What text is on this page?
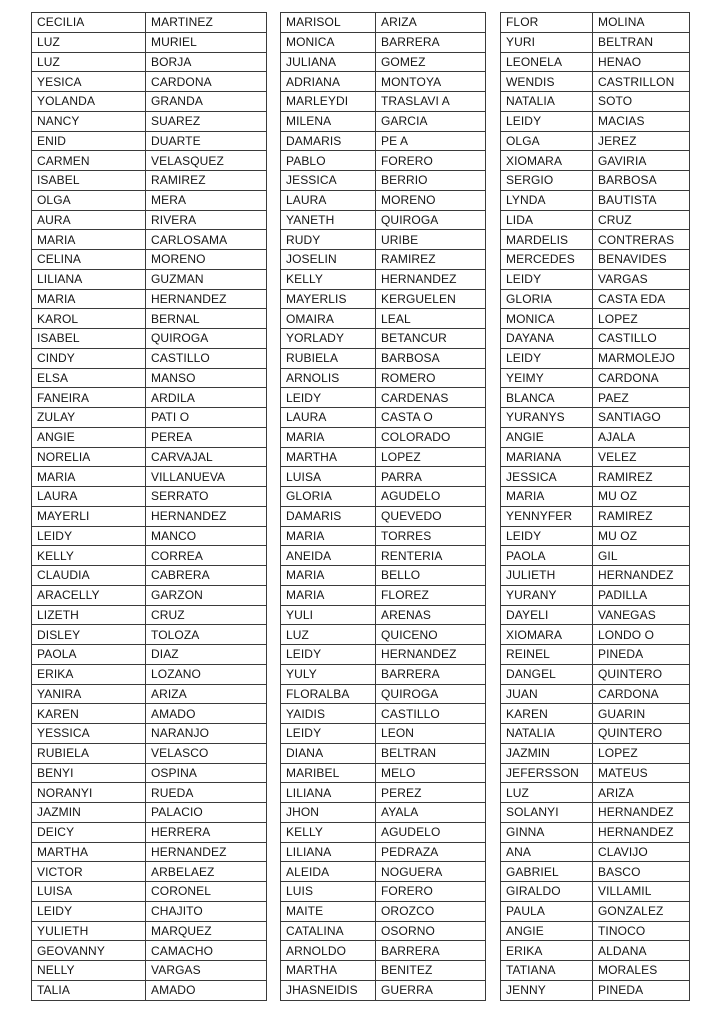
CECILIA	MARTINEZ
LUZ	MURIEL
LUZ	BORJA
YESICA	CARDONA
YOLANDA	GRANDA
NANCY	SUAREZ
ENID	DUARTE
CARMEN	VELASQUEZ
ISABEL	RAMIREZ
OLGA	MERA
AURA	RIVERA
MARIA	CARLOSAMA
CELINA	MORENO
LILIANA	GUZMAN
MARIA	HERNANDEZ
KAROL	BERNAL
ISABEL	QUIROGA
CINDY	CASTILLO
ELSA	MANSO
FANEIRA	ARDILA
ZULAY	PATI O
ANGIE	PEREA
NORELIA	CARVAJAL
MARIA	VILLANUEVA
LAURA	SERRATO
MAYERLI	HERNANDEZ
LEIDY	MANCO
KELLY	CORREA
CLAUDIA	CABRERA
ARACELLY	GARZON
LIZETH	CRUZ
DISLEY	TOLOZA
PAOLA	DIAZ
ERIKA	LOZANO
YANIRA	ARIZA
KAREN	AMADO
YESSICA	NARANJO
RUBIELA	VELASCO
BENYI	OSPINA
NORANYI	RUEDA
JAZMIN	PALACIO
DEICY	HERRERA
MARTHA	HERNANDEZ
VICTOR	ARBELAEZ
LUISA	CORONEL
LEIDY	CHAJITO
YULIETH	MARQUEZ
GEOVANNY	CAMACHO
NELLY	VARGAS
TALIA	AMADO
MARISOL	ARIZA
MONICA	BARRERA
JULIANA	GOMEZ
ADRIANA	MONTOYA
MARLEYDI	TRASLAVI A
MILENA	GARCIA
DAMARIS	PE A
PABLO	FORERO
JESSICA	BERRIO
LAURA	MORENO
YANETH	QUIROGA
RUDY	URIBE
JOSELIN	RAMIREZ
KELLY	HERNANDEZ
MAYERLIS	KERGUELEN
OMAIRA	LEAL
YORLADY	BETANCUR
RUBIELA	BARBOSA
ARNOLIS	ROMERO
LEIDY	CARDENAS
LAURA	CASTA O
MARIA	COLORADO
MARTHA	LOPEZ
LUISA	PARRA
GLORIA	AGUDELO
DAMARIS	QUEVEDO
MARIA	TORRES
ANEIDA	RENTERIA
MARIA	BELLO
MARIA	FLOREZ
YULI	ARENAS
LUZ	QUICENO
LEIDY	HERNANDEZ
YULY	BARRERA
FLORALBA	QUIROGA
YAIDIS	CASTILLO
LEIDY	LEON
DIANA	BELTRAN
MARIBEL	MELO
LILIANA	PEREZ
JHON	AYALA
KELLY	AGUDELO
LILIANA	PEDRAZA
ALEIDA	NOGUERA
LUIS	FORERO
MAITE	OROZCO
CATALINA	OSORNO
ARNOLDO	BARRERA
MARTHA	BENITEZ
JHASNEIDIS	GUERRA
FLOR	MOLINA
YURI	BELTRAN
LEONELA	HENAO
WENDIS	CASTRILLON
NATALIA	SOTO
LEIDY	MACIAS
OLGA	JEREZ
XIOMARA	GAVIRIA
SERGIO	BARBOSA
LYNDA	BAUTISTA
LIDA	CRUZ
MARDELIS	CONTRERAS
MERCEDES	BENAVIDES
LEIDY	VARGAS
GLORIA	CASTA EDA
MONICA	LOPEZ
DAYANA	CASTILLO
LEIDY	MARMOLEJO
YEIMY	CARDONA
BLANCA	PAEZ
YURANYS	SANTIAGO
ANGIE	AJALA
MARIANA	VELEZ
JESSICA	RAMIREZ
MARIA	MU OZ
YENNYFER	RAMIREZ
LEIDY	MU OZ
PAOLA	GIL
JULIETH	HERNANDEZ
YURANY	PADILLA
DAYELI	VANEGAS
XIOMARA	LONDO O
REINEL	PINEDA
DANGEL	QUINTERO
JUAN	CARDONA
KAREN	GUARIN
NATALIA	QUINTERO
JAZMIN	LOPEZ
JEFERSSON	MATEUS
LUZ	ARIZA
SOLANYI	HERNANDEZ
GINNA	HERNANDEZ
ANA	CLAVIJO
GABRIEL	BASCO
GIRALDO	VILLAMIL
PAULA	GONZALEZ
ANGIE	TINOCO
ERIKA	ALDANA
TATIANA	MORALES
JENNY	PINEDA
